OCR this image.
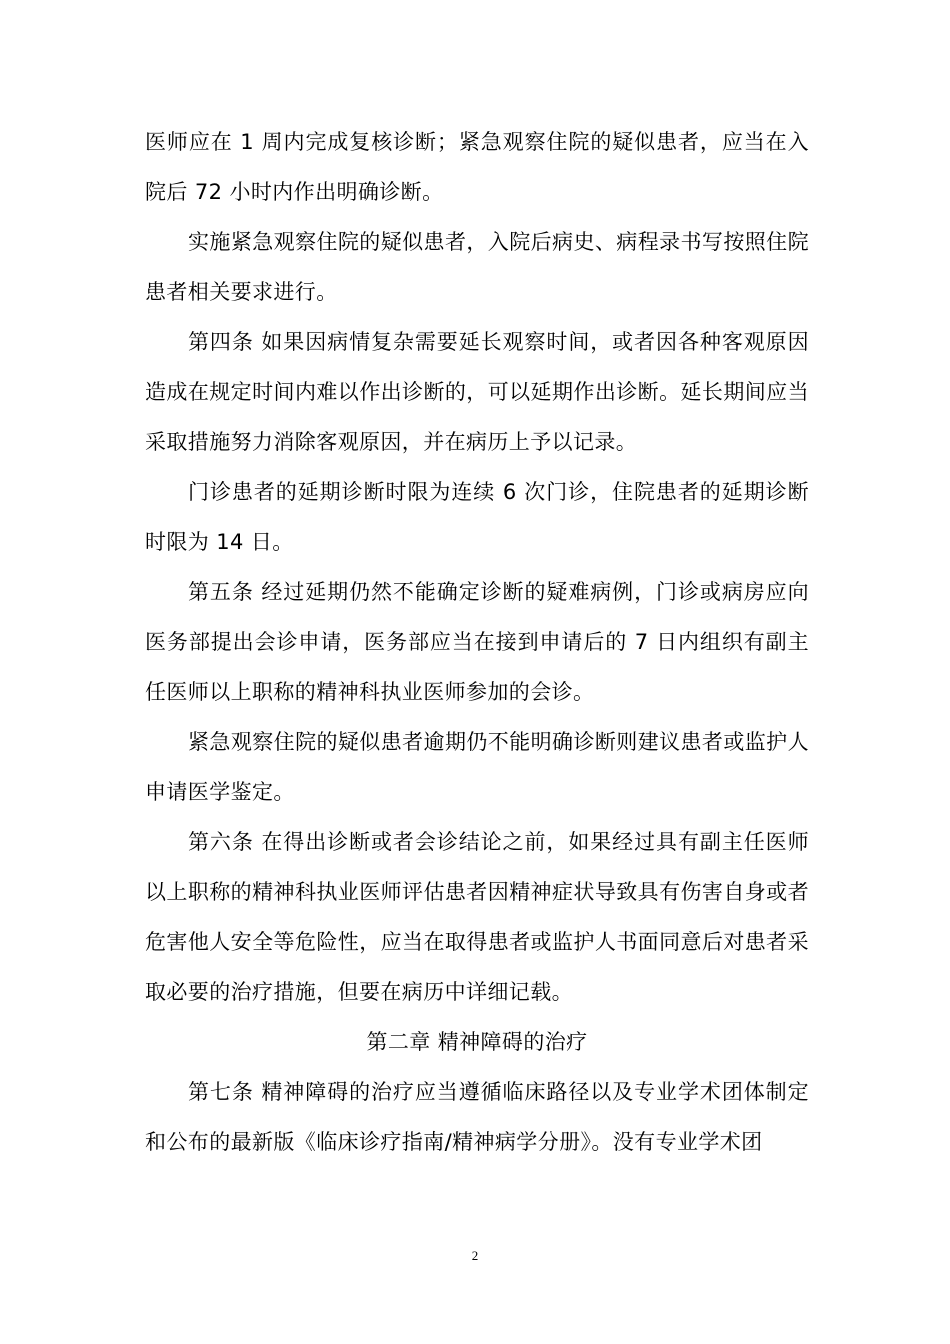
医师应在 1 周内完成复核诊断；紧急观察住院的疑似患者，应当在入院后 72 小时内作出明确诊断。

实施紧急观察住院的疑似患者，入院后病史、病程录书写按照住院患者相关要求进行。

第四条 如果因病情复杂需要延长观察时间，或者因各种客观原因造成在规定时间内难以作出诊断的，可以延期作出诊断。延长期间应当采取措施努力消除客观原因，并在病历上予以记录。

门诊患者的延期诊断时限为连续 6 次门诊，住院患者的延期诊断时限为 14 日。

第五条 经过延期仍然不能确定诊断的疑难病例，门诊或病房应向医务部提出会诊申请，医务部应当在接到申请后的 7 日内组织有副主任医师以上职称的精神科执业医师参加的会诊。

紧急观察住院的疑似患者逾期仍不能明确诊断则建议患者或监护人申请医学鉴定。

第六条 在得出诊断或者会诊结论之前，如果经过具有副主任医师以上职称的精神科执业医师评估患者因精神症状导致具有伤害自身或者危害他人安全等危险性，应当在取得患者或监护人书面同意后对患者采取必要的治疗措施，但要在病历中详细记载。

第二章 精神障碍的治疗

第七条 精神障碍的治疗应当遵循临床路径以及专业学术团体制定和公布的最新版《临床诊疗指南/精神病学分册》。没有专业学术团

2
